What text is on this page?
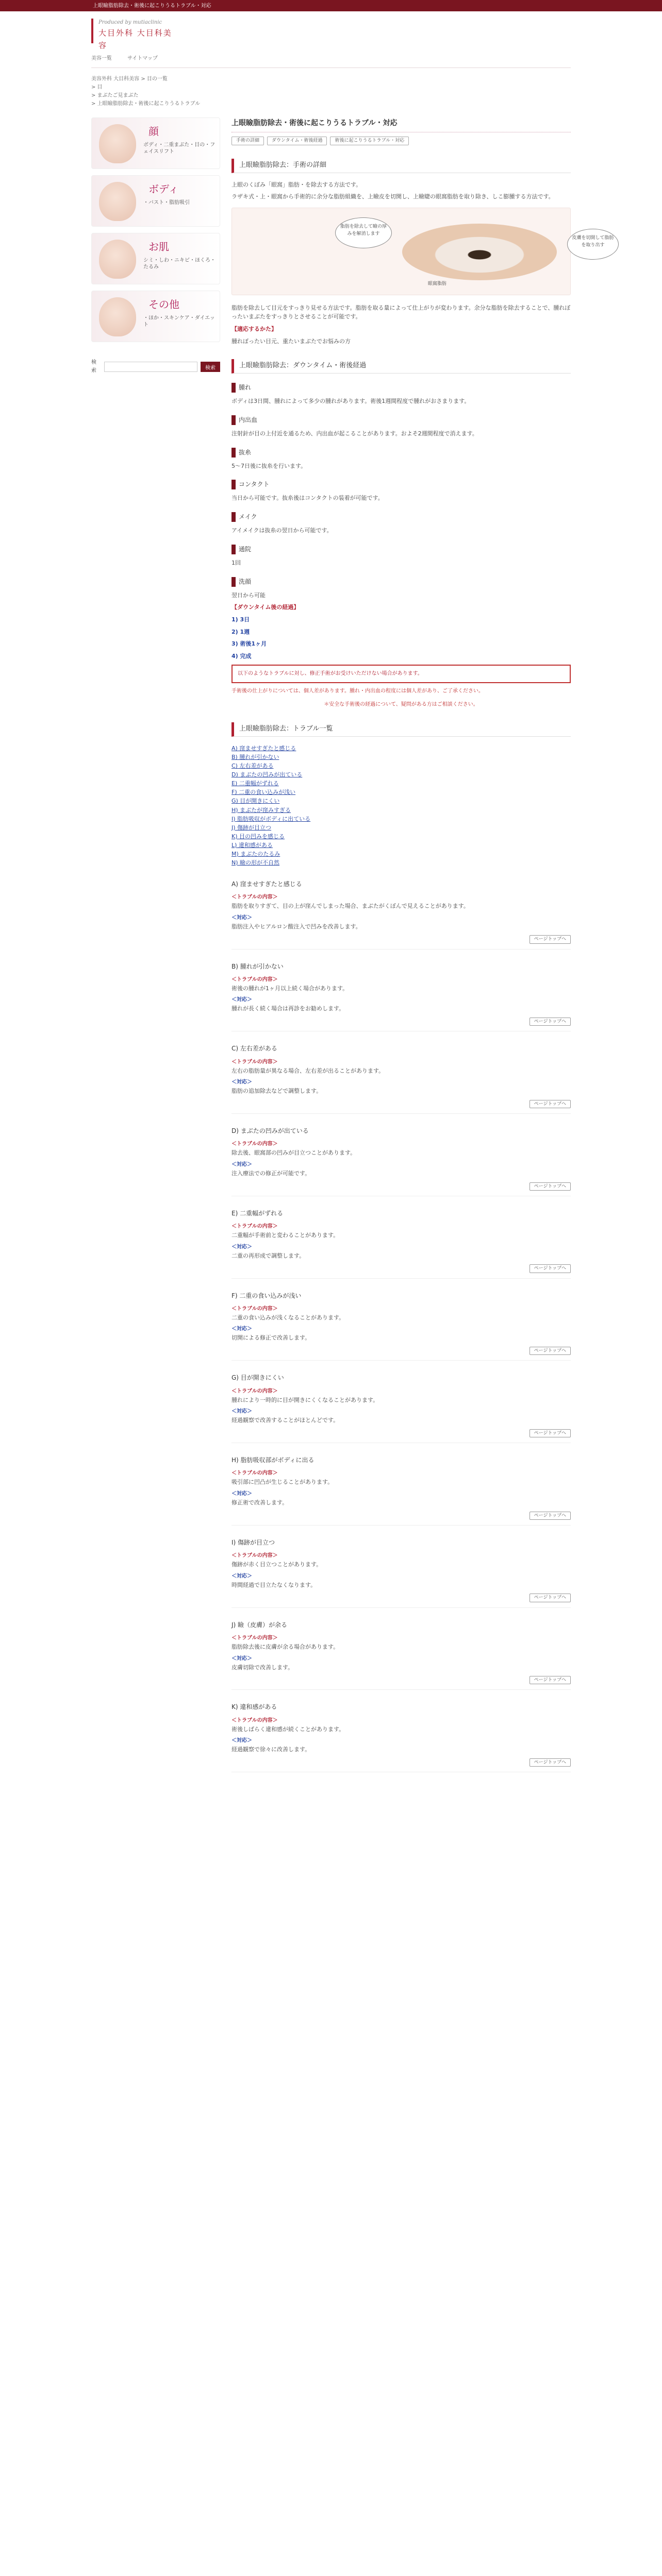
上眼瞼脂肪除去・術後に起こりうるトラブル・対応
Produced by mutiaclinic
大目外科 大目科美容
美容一覧	サイトマップ
美容外科 大目科美容 > 目の一覧
> 目
> まぶたご見まぶた
> 上眼瞼脂肪除去・術後に起こりうるトラブル
顔
ボディ・二重まぶた・目の・フェイスリフト
ボディ
・バスト・脂肪吸引
お肌
シミ・しわ・ニキビ・ほくろ・たるみ
その他
・ほか・スキンケア・ダイエット
検索	検索
上眼瞼脂肪除去・術後に起こりうるトラブル・対応
手術の詳細	ダウンタイム・術後経過	術後に起こりうるトラブル・対応
上眼瞼脂肪除去：手術の詳細

上眼のくぼみ「眼窩」脂肪・を除去する方法です。

ラザキ式・上・眼窩から手術的に余分な脂肪組織を、上瞼皮を切開し、上瞼睫の眼窩脂肪を取り除き、しこ膨腫する方法です。

脂肪を除去して瞼の厚みを解消します
皮膚を切開して脂肪を取り出す
眼窩脂肪

脂肪を除去して目元をすっきり見せる方法です。脂肪を取る量によって仕上がりが変わります。余分な脂肪を除去することで、腫れぼったいまぶたをすっきりとさせることが可能です。

【適応するかた】

腫れぼったい目元、重たいまぶたでお悩みの方

上眼瞼脂肪除去：ダウンタイム・術後経過
腫れ

ボディは3日間、腫れによって多少の腫れがあります。術後1週間程度で腫れがおさまります。

内出血

注射針が目の上付近を通るため、内出血が起こることがあります。およそ2週間程度で消えます。

抜糸

5〜7日後に抜糸を行います。

コンタクト

当日から可能です。抜糸後はコンタクトの装着が可能です。

メイク

アイメイクは抜糸の翌日から可能です。

通院

1回

洗顔

翌日から可能

【ダウンタイム後の経過】

1) 3日

2) 1週

3) 術後1ヶ月

4) 完成

以下のようなトラブルに対し、修正手術がお受けいただけない場合があります。

手術後の仕上がりについては、個人差があります。腫れ・内出血の程度には個人差があり、ご了承ください。

＊安全な手術後の経過について、疑問がある方はご相談ください。
上眼瞼脂肪除去：トラブル一覧
A) 窪ませすぎたと感じる
B) 腫れが引かない
C) 左右差がある
D) まぶたの凹みが出ている
E) 二重幅がずれる
F) 二重の食い込みが浅い
G) 目が開きにくい
H) まぶたが窪みすぎる
I) 脂肪吸収がボディに出ている
J) 傷跡が目立つ
K) 目の凹みを感じる
L) 違和感がある
M) まぶたのたるみ
N) 瞼の形が不自然
A) 窪ませすぎたと感じる
＜トラブルの内容＞

脂肪を取りすぎて、目の上が窪んでしまった場合、まぶたがくぼんで見えることがあります。

＜対応＞

脂肪注入やヒアルロン酸注入で凹みを改善します。

ページトップへ
B) 腫れが引かない
＜トラブルの内容＞

術後の腫れが1ヶ月以上続く場合があります。

＜対応＞

腫れが長く続く場合は再診をお勧めします。

ページトップへ
C) 左右差がある
＜トラブルの内容＞

左右の脂肪量が異なる場合、左右差が出ることがあります。

＜対応＞

脂肪の追加除去などで調整します。

ページトップへ
D) まぶたの凹みが出ている
＜トラブルの内容＞

除去後、眼窩部の凹みが目立つことがあります。

＜対応＞

注入療法での修正が可能です。

ページトップへ
E) 二重幅がずれる
＜トラブルの内容＞

二重幅が手術前と変わることがあります。

＜対応＞

二重の再形成で調整します。

ページトップへ
F) 二重の食い込みが浅い
＜トラブルの内容＞

二重の食い込みが浅くなることがあります。

＜対応＞

切開による修正で改善します。

ページトップへ
G) 目が開きにくい
＜トラブルの内容＞

腫れにより一時的に目が開きにくくなることがあります。

＜対応＞

経過観察で改善することがほとんどです。

ページトップへ
H) 脂肪吸収部がボディに出る
＜トラブルの内容＞

吸引部に凹凸が生じることがあります。

＜対応＞

修正術で改善します。

ページトップへ
I) 傷跡が目立つ
＜トラブルの内容＞

傷跡が赤く目立つことがあります。

＜対応＞

時間経過で目立たなくなります。

ページトップへ
J) 瞼（皮膚）が余る
＜トラブルの内容＞

脂肪除去後に皮膚が余る場合があります。

＜対応＞

皮膚切除で改善します。

ページトップへ
K) 違和感がある
＜トラブルの内容＞

術後しばらく違和感が続くことがあります。

＜対応＞

経過観察で徐々に改善します。

ページトップへ
